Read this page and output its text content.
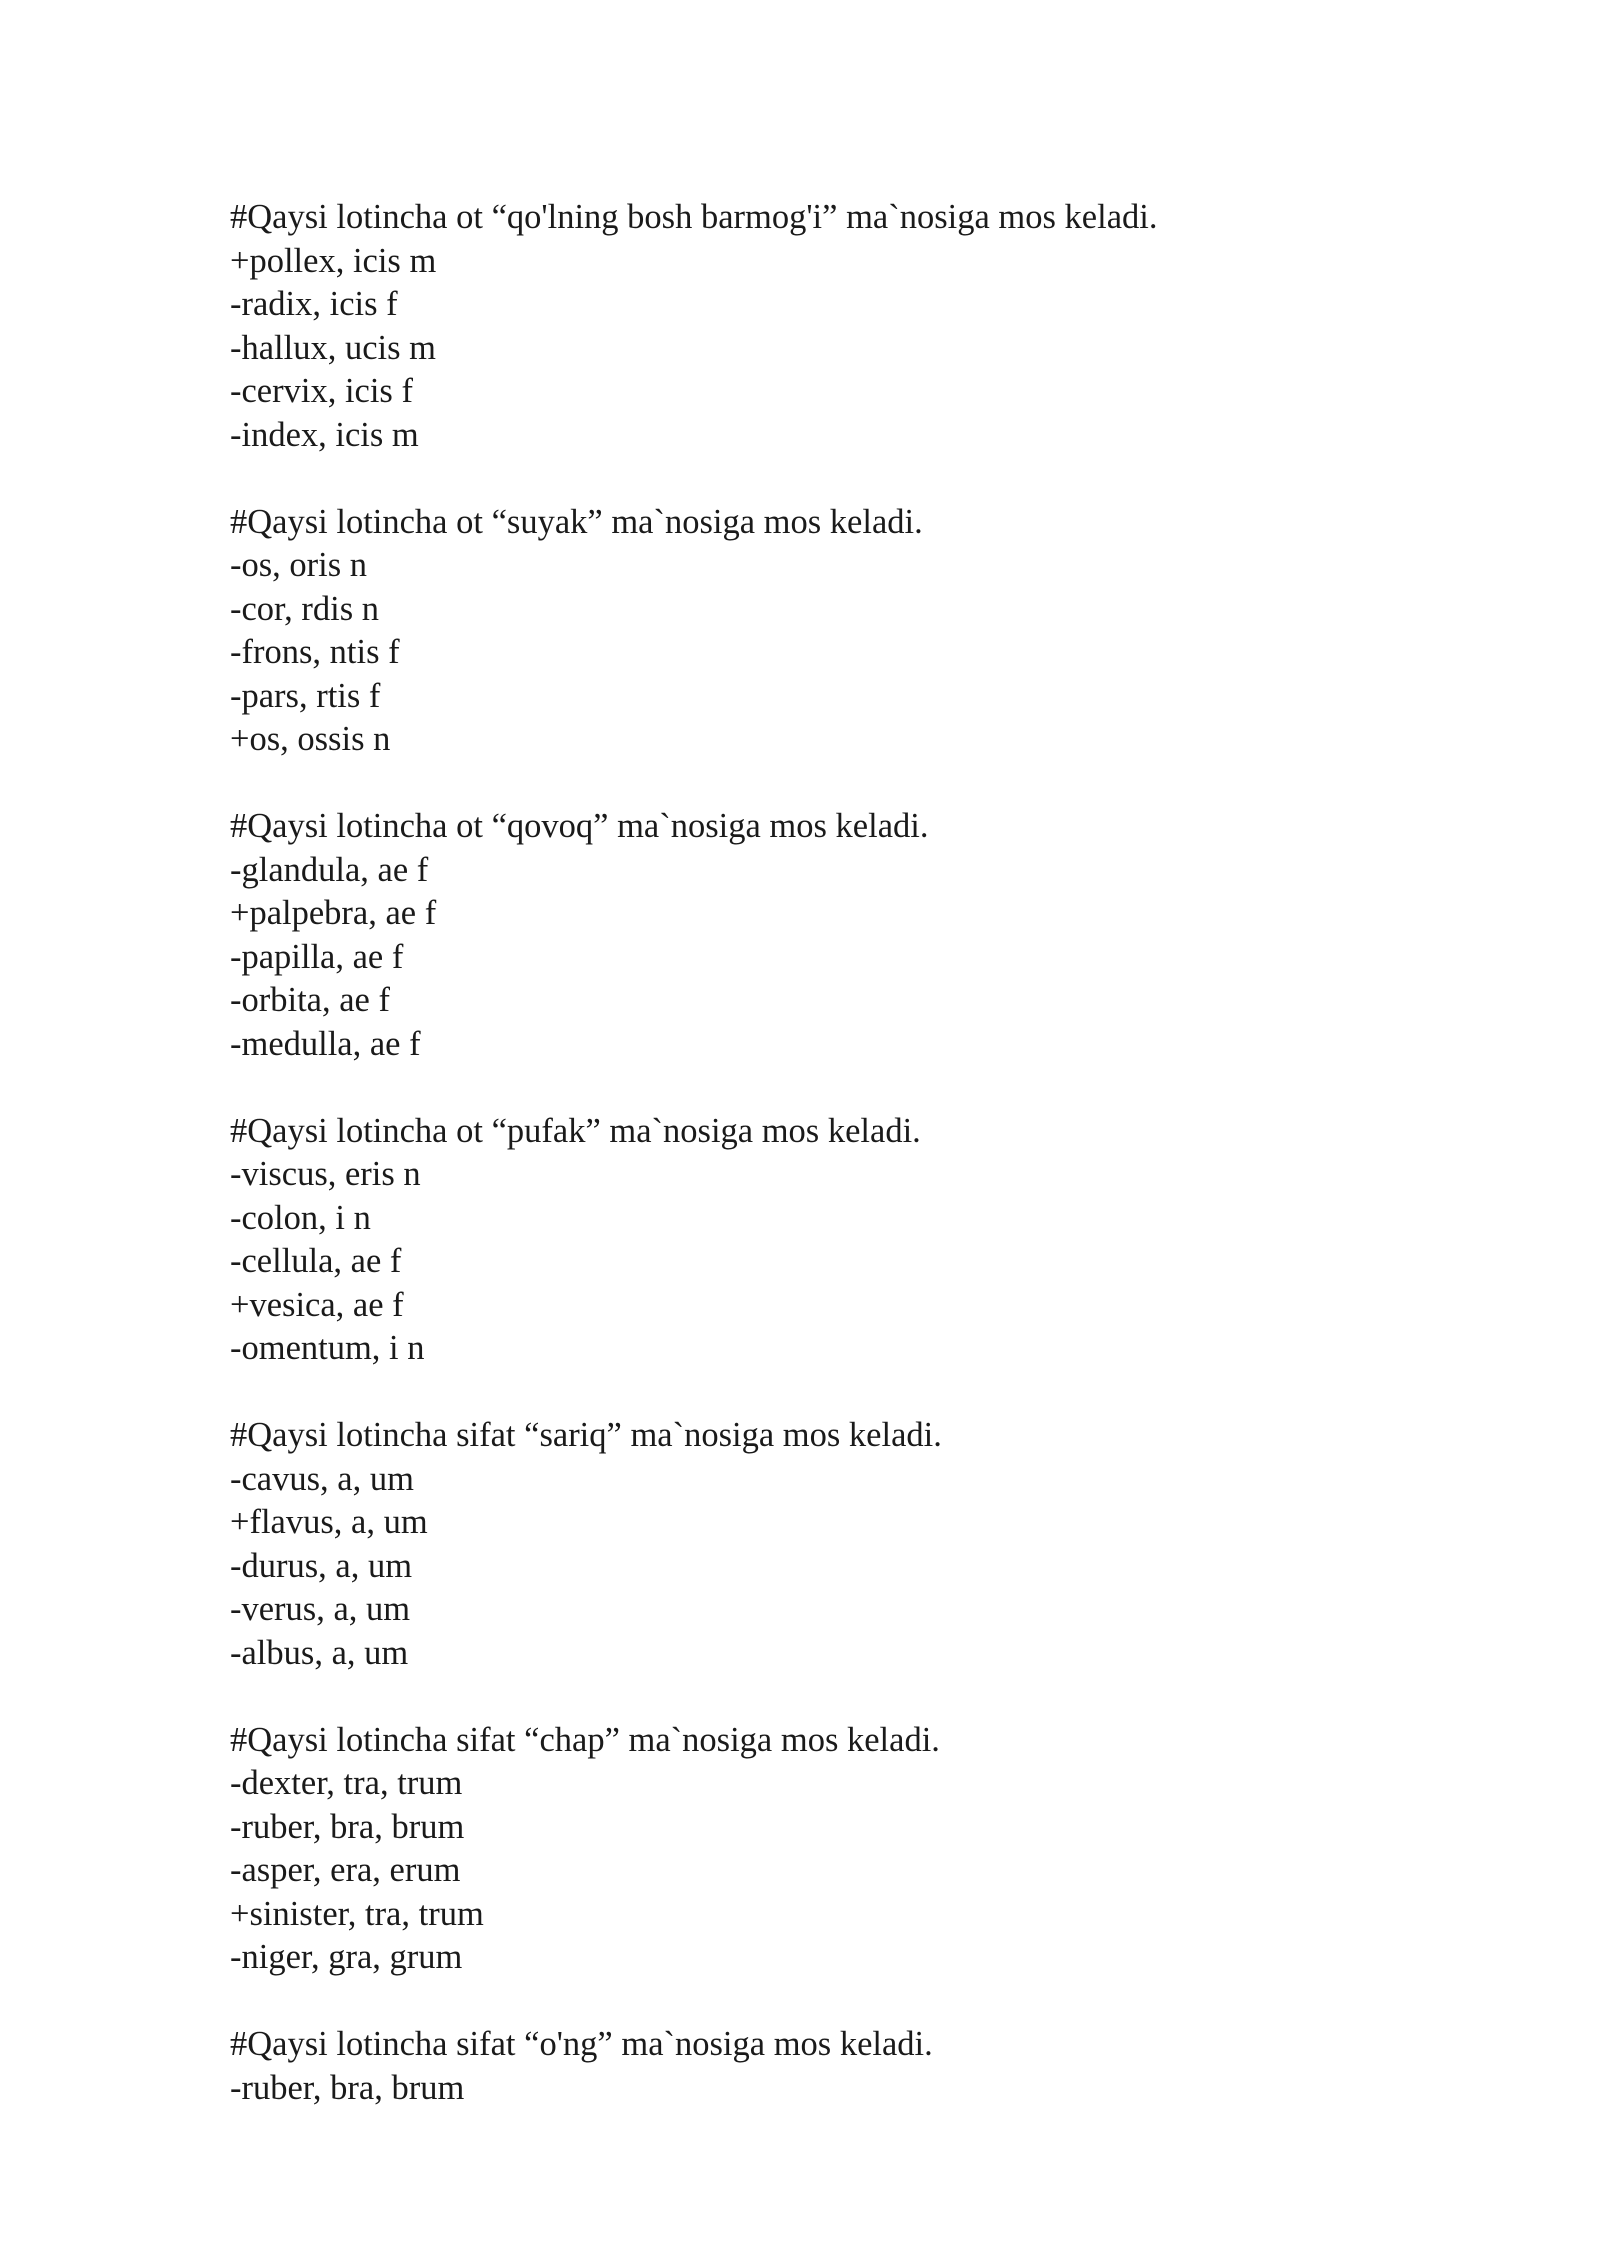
#Qaysi lotincha ot “qo'lning bosh barmog'i” ma`nosiga mos keladi.
+pollex, icis m
-radix, icis f
-hallux, ucis m
-cervix, icis f
-index, icis m
#Qaysi lotincha ot “suyak” ma`nosiga mos keladi.
-os, oris n
-cor, rdis n
-frons, ntis f
-pars, rtis f
+os, ossis n
#Qaysi lotincha ot “qovoq” ma`nosiga mos keladi.
-glandula, ae f
+palpebra, ae f
-papilla, ae f
-orbita, ae f
-medulla, ae f
#Qaysi lotincha ot “pufak” ma`nosiga mos keladi.
-viscus, eris n
-colon, i n
-cellula, ae f
+vesica, ae f
-omentum, i n
#Qaysi lotincha sifat “sariq” ma`nosiga mos keladi.
-cavus, a, um
+flavus, a, um
-durus, a, um
-verus, a, um
-albus, a, um
#Qaysi lotincha sifat “chap” ma`nosiga mos keladi.
-dexter, tra, trum
-ruber, bra, brum
-asper, era, erum
+sinister, tra, trum
-niger, gra, grum
#Qaysi lotincha sifat “o'ng” ma`nosiga mos keladi.
-ruber, bra, brum
